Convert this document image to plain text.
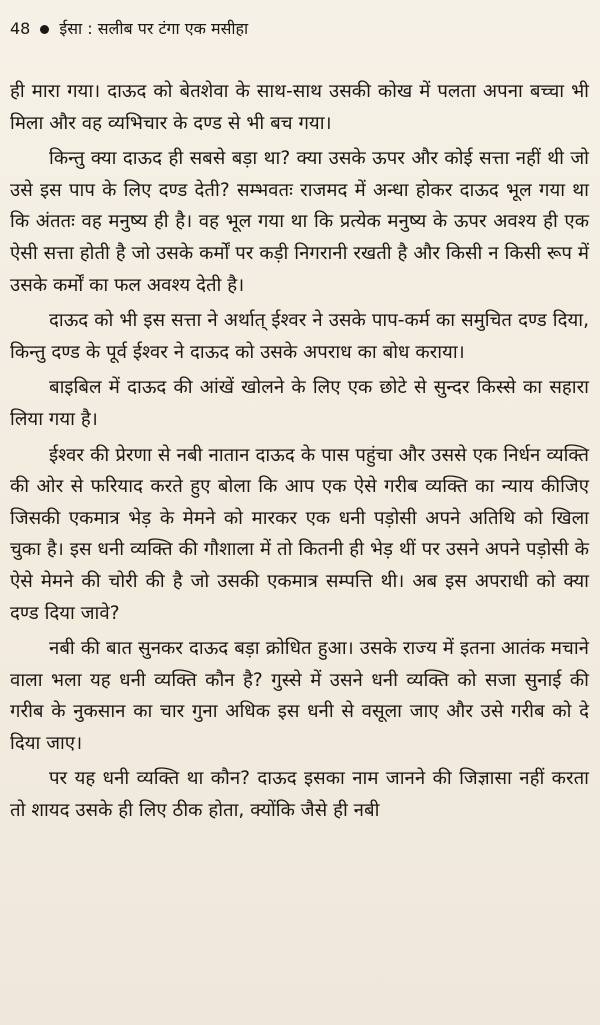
48 ईसा : सलीब पर टंगा एक मसीहा

ही मारा गया। दाऊद को बेतशेवा के साथ-साथ उसकी कोख में पलता अपना बच्चा भी मिला और वह व्यभिचार के दण्ड से भी बच गया।

किन्तु क्या दाऊद ही सबसे बड़ा था? क्या उसके ऊपर और कोई सत्ता नहीं थी जो उसे इस पाप के लिए दण्ड देती? सम्भवतः राजमद में अन्धा होकर दाऊद भूल गया था कि अंततः वह मनुष्य ही है। वह भूल गया था कि प्रत्येक मनुष्य के ऊपर अवश्य ही एक ऐसी सत्ता होती है जो उसके कर्मों पर कड़ी निगरानी रखती है और किसी न किसी रूप में उसके कर्मों का फल अवश्य देती है।

दाऊद को भी इस सत्ता ने अर्थात् ईश्वर ने उसके पाप-कर्म का समुचित दण्ड दिया, किन्तु दण्ड के पूर्व ईश्वर ने दाऊद को उसके अपराध का बोध कराया।

बाइबिल में दाऊद की आंखें खोलने के लिए एक छोटे से सुन्दर किस्से का सहारा लिया गया है।

ईश्वर की प्रेरणा से नबी नातान दाऊद के पास पहुंचा और उससे एक निर्धन व्यक्ति की ओर से फरियाद करते हुए बोला कि आप एक ऐसे गरीब व्यक्ति का न्याय कीजिए जिसकी एकमात्र भेड़ के मेमने को मारकर एक धनी पड़ोसी अपने अतिथि को खिला चुका है। इस धनी व्यक्ति की गौशाला में तो कितनी ही भेड़ थीं पर उसने अपने पड़ोसी के ऐसे मेमने की चोरी की है जो उसकी एकमात्र सम्पत्ति थी। अब इस अपराधी को क्या दण्ड दिया जावे?

नबी की बात सुनकर दाऊद बड़ा क्रोधित हुआ। उसके राज्य में इतना आतंक मचाने वाला भला यह धनी व्यक्ति कौन है? गुस्से में उसने धनी व्यक्ति को सजा सुनाई की गरीब के नुकसान का चार गुना अधिक इस धनी से वसूला जाए और उसे गरीब को दे दिया जाए।

पर यह धनी व्यक्ति था कौन? दाऊद इसका नाम जानने की जिज्ञासा नहीं करता तो शायद उसके ही लिए ठीक होता, क्योंकि जैसे ही नबी
